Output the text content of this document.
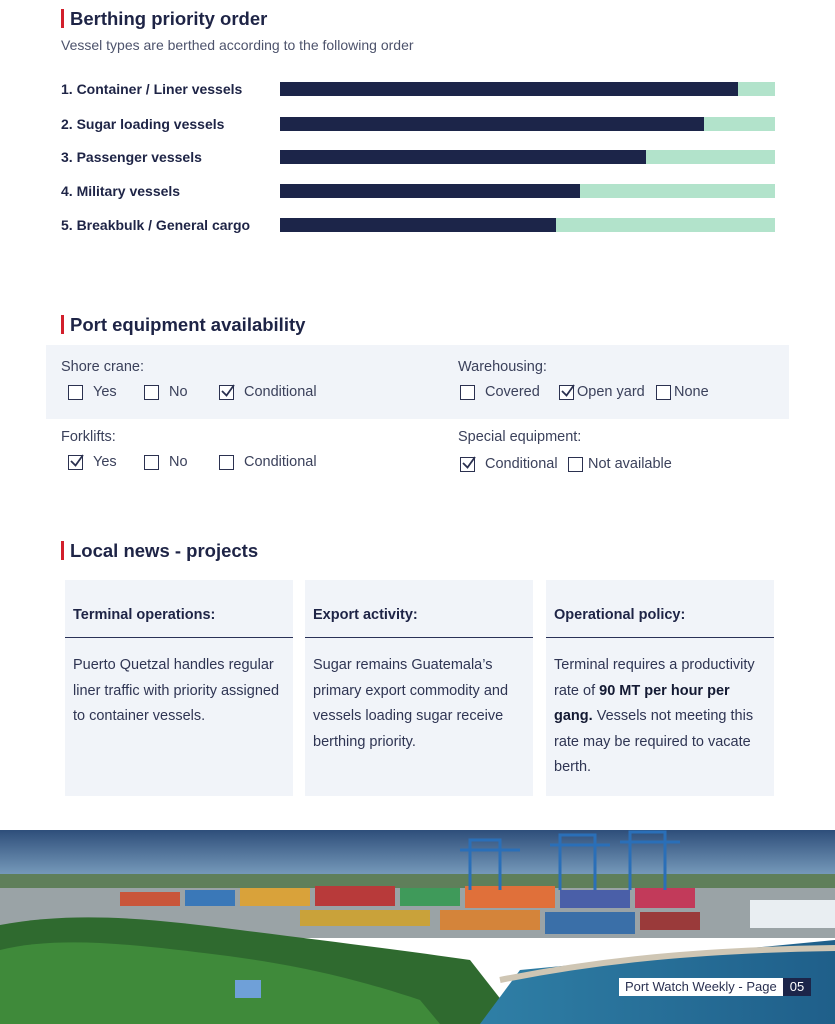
Berthing priority order
Vessel types are berthed according to the following order
1. Container / Liner vessels
2. Sugar loading vessels
3. Passenger vessels
4. Military vessels
5. Breakbulk / General cargo
Port equipment availability
Shore crane:
Yes	No	Conditional
Warehousing:
Covered	Open yard None
Forklifts:
Yes	No	Conditional
Special equipment:
Conditional Not available
Local news - projects
Terminal operations:
Puerto Quetzal handles regular liner traffic with priority assigned to container vessels.
Export activity:
Sugar remains Guatemala’s primary export commodity and vessels loading sugar receive berthing priority.
Operational policy:
Terminal requires a productivity rate of 90 MT per hour per gang. Vessels not meeting this rate may be required to vacate berth.
Port Watch Weekly - Page	05
